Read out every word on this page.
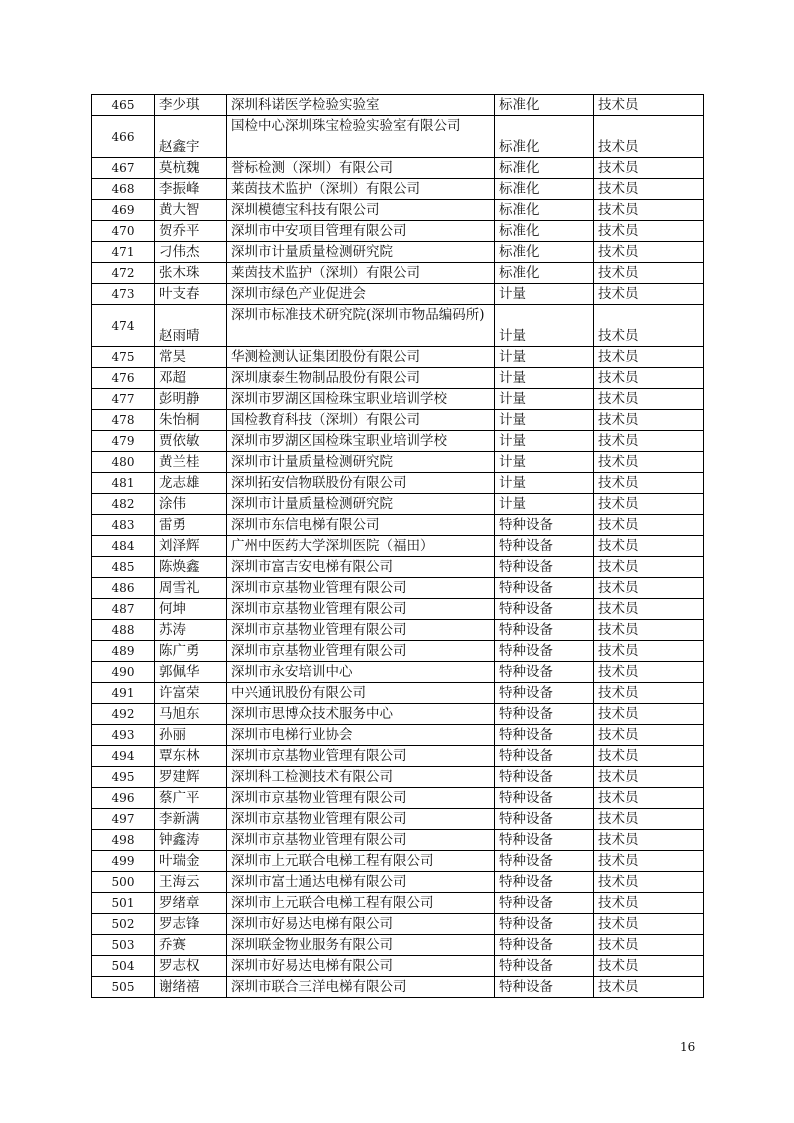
465	李少琪	深圳科诺医学检验实验室	标准化	技术员
466	赵鑫宇	国检中心深圳珠宝检验实验室有限公司	标准化	技术员
467	莫杭魏	誉标检测（深圳）有限公司	标准化	技术员
468	李振峰	莱茵技术监护（深圳）有限公司	标准化	技术员
469	黄大智	深圳模德宝科技有限公司	标准化	技术员
470	贺乔平	深圳市中安项目管理有限公司	标准化	技术员
471	刁伟杰	深圳市计量质量检测研究院	标准化	技术员
472	张木珠	莱茵技术监护（深圳）有限公司	标准化	技术员
473	叶支春	深圳市绿色产业促进会	计量	技术员
474	赵雨晴	深圳市标准技术研究院(深圳市物品编码所)	计量	技术员
475	常昊	华测检测认证集团股份有限公司	计量	技术员
476	邓超	深圳康泰生物制品股份有限公司	计量	技术员
477	彭明静	深圳市罗湖区国检珠宝职业培训学校	计量	技术员
478	朱怡桐	国检教育科技（深圳）有限公司	计量	技术员
479	贾依敏	深圳市罗湖区国检珠宝职业培训学校	计量	技术员
480	黄兰桂	深圳市计量质量检测研究院	计量	技术员
481	龙志雄	深圳拓安信物联股份有限公司	计量	技术员
482	涂伟	深圳市计量质量检测研究院	计量	技术员
483	雷勇	深圳市东信电梯有限公司	特种设备	技术员
484	刘泽辉	广州中医药大学深圳医院（福田）	特种设备	技术员
485	陈焕鑫	深圳市富吉安电梯有限公司	特种设备	技术员
486	周雪礼	深圳市京基物业管理有限公司	特种设备	技术员
487	何坤	深圳市京基物业管理有限公司	特种设备	技术员
488	苏涛	深圳市京基物业管理有限公司	特种设备	技术员
489	陈广勇	深圳市京基物业管理有限公司	特种设备	技术员
490	郭佩华	深圳市永安培训中心	特种设备	技术员
491	许富荣	中兴通讯股份有限公司	特种设备	技术员
492	马旭东	深圳市思博众技术服务中心	特种设备	技术员
493	孙丽	深圳市电梯行业协会	特种设备	技术员
494	覃东林	深圳市京基物业管理有限公司	特种设备	技术员
495	罗建辉	深圳科工检测技术有限公司	特种设备	技术员
496	蔡广平	深圳市京基物业管理有限公司	特种设备	技术员
497	李新满	深圳市京基物业管理有限公司	特种设备	技术员
498	钟鑫涛	深圳市京基物业管理有限公司	特种设备	技术员
499	叶瑞金	深圳市上元联合电梯工程有限公司	特种设备	技术员
500	王海云	深圳市富士通达电梯有限公司	特种设备	技术员
501	罗绪章	深圳市上元联合电梯工程有限公司	特种设备	技术员
502	罗志锋	深圳市好易达电梯有限公司	特种设备	技术员
503	乔赛	深圳联金物业服务有限公司	特种设备	技术员
504	罗志权	深圳市好易达电梯有限公司	特种设备	技术员
505	谢绪禧	深圳市联合三洋电梯有限公司	特种设备	技术员
16
